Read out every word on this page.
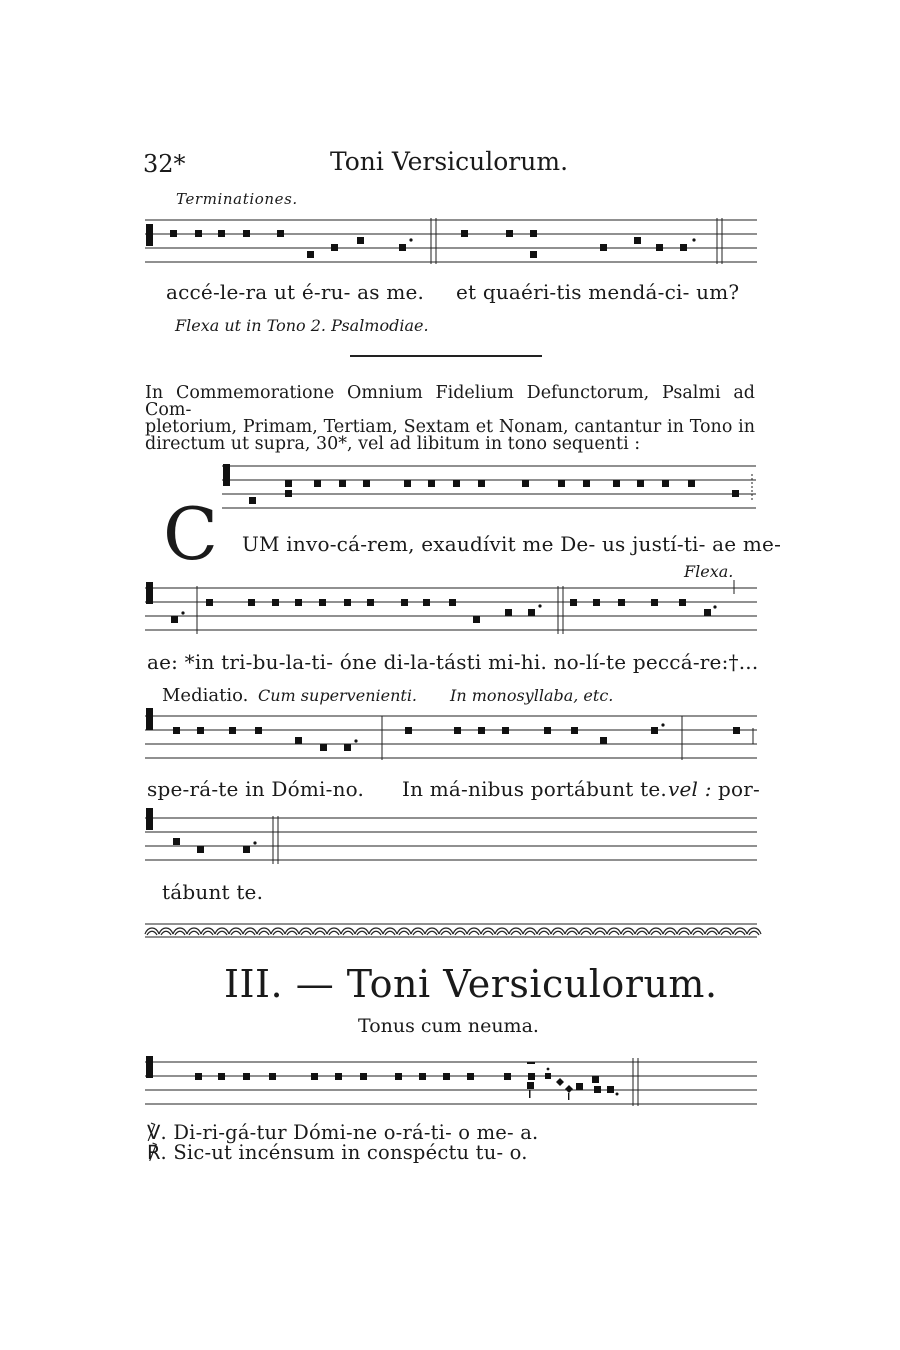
32*	Toni Versiculorum.
Terminationes.
accé-le-ra ut é-ru- as me. et quaéri-tis mendá-ci- um?
Flexa ut in Tono 2. Psalmodiae.
In Commemoratione Omnium Fidelium Defunctorum, Psalmi ad Com-
pletorium, Primam, Tertiam, Sextam et Nonam, cantantur in Tono in
directum ut supra, 30*, vel ad libitum in tono sequenti :
C UM invo-cá-rem, exaudívit me De- us justí-ti- ae me-
Flexa.
ae: *in tri-bu-la-ti- óne di-la-tásti mi-hi. no-lí-te peccá-re:†...
Mediatio. Cum supervenienti. In monosyllaba, etc.
spe-rá-te in Dómi-no. In má-nibus portábunt te. vel : por-
tábunt te.
III. — Toni Versiculorum.
Tonus cum neuma.
℣. Di-ri-gá-tur Dómi-ne o-rá-ti- o me- a.
℟. Sic-ut incénsum in conspéctu tu- o.
